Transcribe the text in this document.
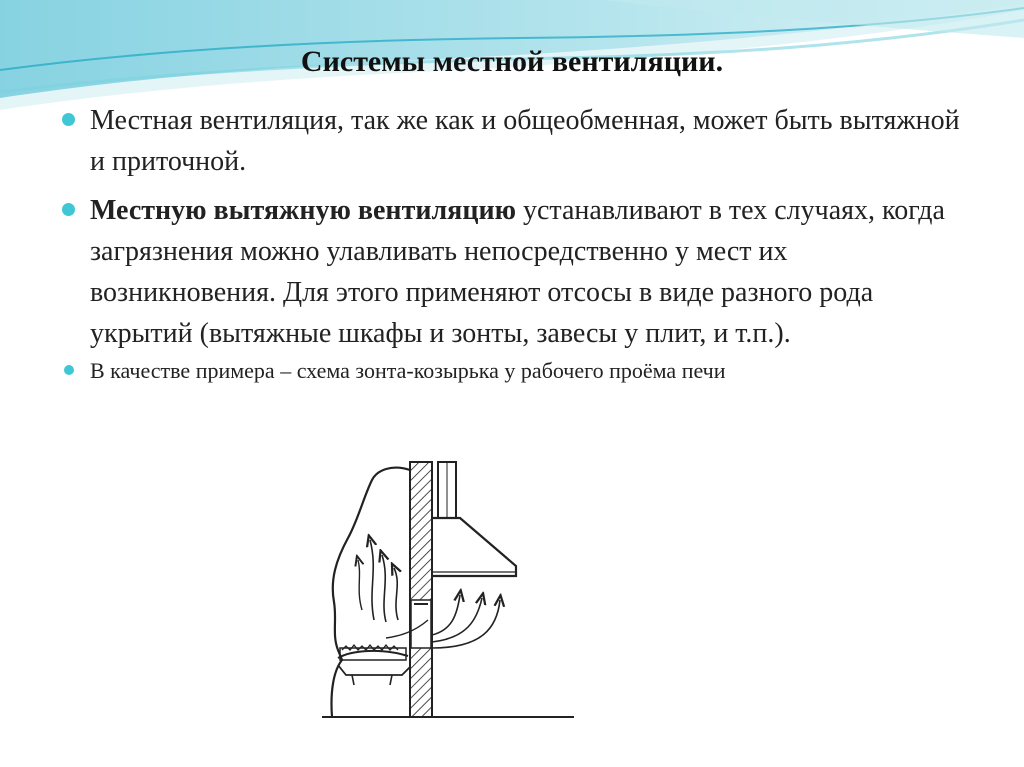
Системы местной вентиляции.
Местная вентиляция, так же как и общеобменная, может быть вытяжной и приточной.
Местную вытяжную вентиляцию устанавливают в тех случаях, когда загрязнения можно улавливать непосредственно у мест их возникновения. Для этого применяют отсосы в виде разного рода укрытий (вытяжные шкафы и зонты, завесы у плит, и т.п.).
В качестве примера – схема зонта-козырька у рабочего проёма печи
